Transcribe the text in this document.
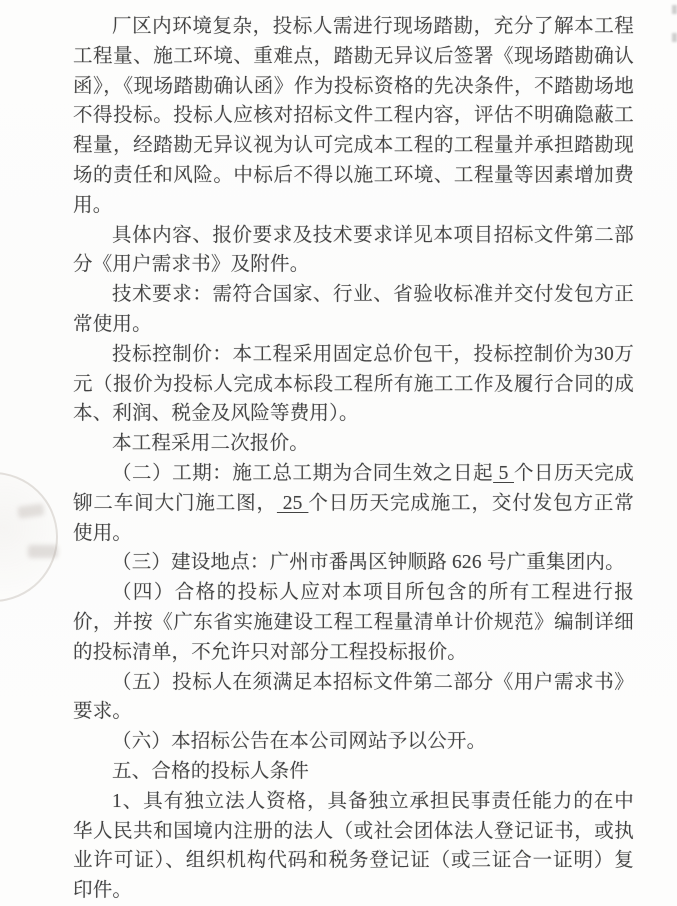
厂区内环境复杂，投标人需进行现场踏勘，充分了解本工程工程量、施工环境、重难点，踏勘无异议后签署《现场踏勘确认函》，《现场踏勘确认函》作为投标资格的先决条件，不踏勘场地不得投标。投标人应核对招标文件工程内容，评估不明确隐蔽工程量，经踏勘无异议视为认可完成本工程的工程量并承担踏勘现场的责任和风险。中标后不得以施工环境、工程量等因素增加费用。

具体内容、报价要求及技术要求详见本项目招标文件第二部分《用户需求书》及附件。

技术要求：需符合国家、行业、省验收标准并交付发包方正常使用。

投标控制价：本工程采用固定总价包干，投标控制价为30万元（报价为投标人完成本标段工程所有施工工作及履行合同的成本、利润、税金及风险等费用）。

本工程采用二次报价。

（二）工期：施工总工期为合同生效之日起 5 个日历天完成铆二车间大门施工图， 25 个日历天完成施工，交付发包方正常使用。

（三）建设地点：广州市番禺区钟顺路 626 号广重集团内。

（四）合格的投标人应对本项目所包含的所有工程进行报价，并按《广东省实施建设工程工程量清单计价规范》编制详细的投标清单，不允许只对部分工程投标报价。

（五）投标人在须满足本招标文件第二部分《用户需求书》要求。

（六）本招标公告在本公司网站予以公开。

五、合格的投标人条件

1、具有独立法人资格，具备独立承担民事责任能力的在中华人民共和国境内注册的法人（或社会团体法人登记证书，或执业许可证）、组织机构代码和税务登记证（或三证合一证明）复印件。
